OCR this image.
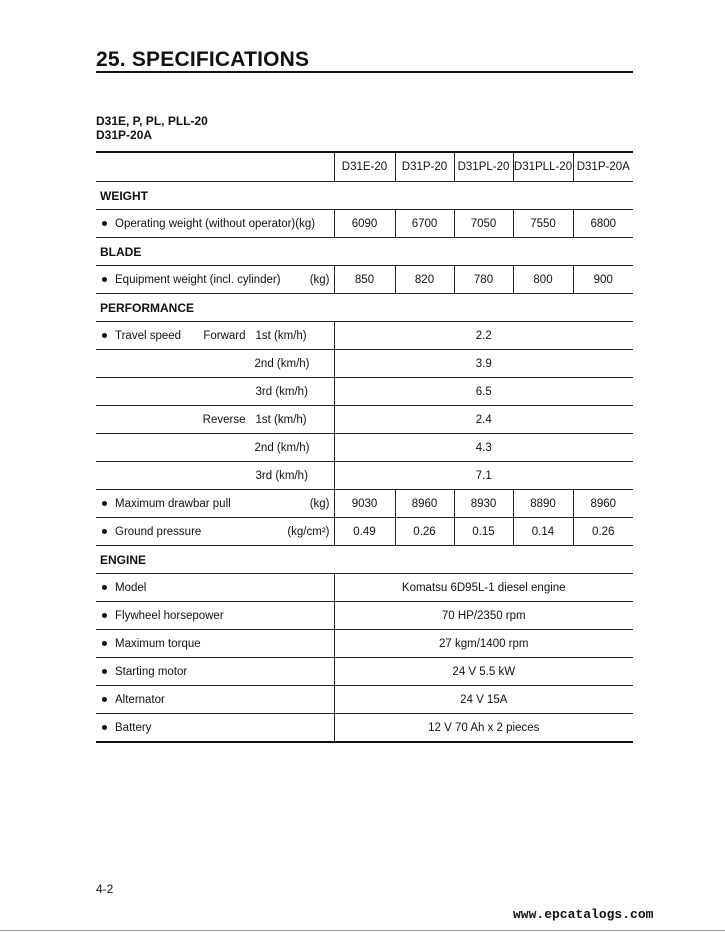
25. SPECIFICATIONS
D31E, P, PL, PLL-20
D31P-20A
	D31E-20	D31P-20	D31PL-20	D31PLL-20	D31P-20A
WEIGHT					

Operating weight (without operator)(kg)	6090	6700	7050	7550	6800
BLADE					

Equipment weight (incl. cylinder) (kg)	850	820	780	800	900
PERFORMANCE					

Travel speed Forward 1st (km/h)	2.2				

2nd (km/h)	3.9				

3rd (km/h)	6.5				

Reverse 1st (km/h)	2.4				

2nd (km/h)	4.3				

3rd (km/h)	7.1				

Maximum drawbar pull (kg)	9030	8960	8930	8890	8960

Ground pressure (kg/cm²)	0.49	0.26	0.15	0.14	0.26
ENGINE					

Model	Komatsu 6D95L-1 diesel engine				

Flywheel horsepower	70 HP/2350 rpm				

Maximum torque	27 kgm/1400 rpm				

Starting motor	24 V 5.5 kW				

Alternator	24 V 15A				

Battery	12 V 70 Ah x 2 pieces				
4-2
www.epcatalogs.com
